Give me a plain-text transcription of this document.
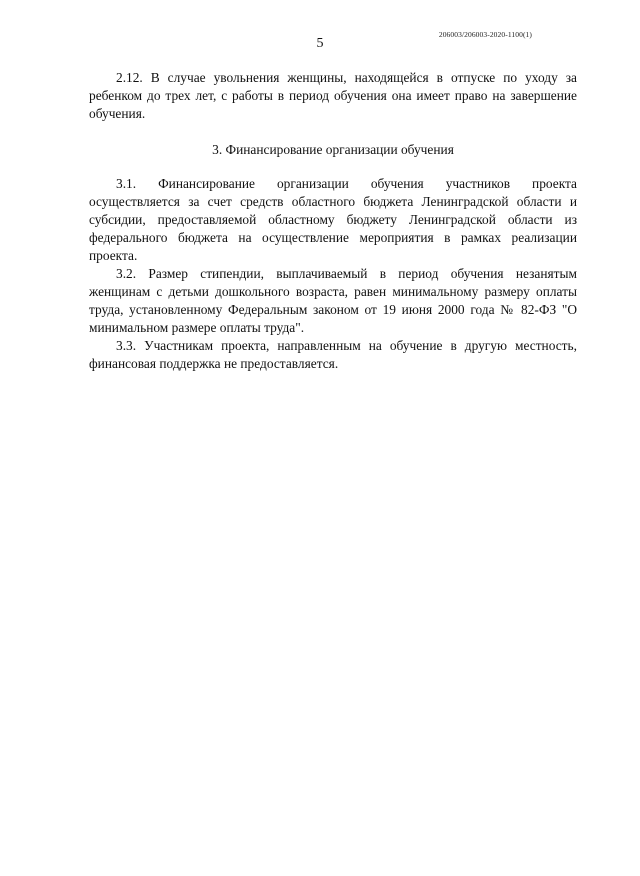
206003/206003-2020-1100(1)
5

2.12. В случае увольнения женщины, находящейся в отпуске по уходу за ребенком до трех лет, с работы в период обучения она имеет право на завершение обучения.

3. Финансирование организации обучения

3.1. Финансирование организации обучения участников проекта осуществляется за счет средств областного бюджета Ленинградской области и субсидии, предоставляемой областному бюджету Ленинградской области из федерального бюджета на осуществление мероприятия в рамках реализации проекта.

3.2. Размер стипендии, выплачиваемый в период обучения незанятым женщинам с детьми дошкольного возраста, равен минимальному размеру оплаты труда, установленному Федеральным законом от 19 июня 2000 года № 82-ФЗ "О минимальном размере оплаты труда".

3.3. Участникам проекта, направленным на обучение в другую местность, финансовая поддержка не предоставляется.
